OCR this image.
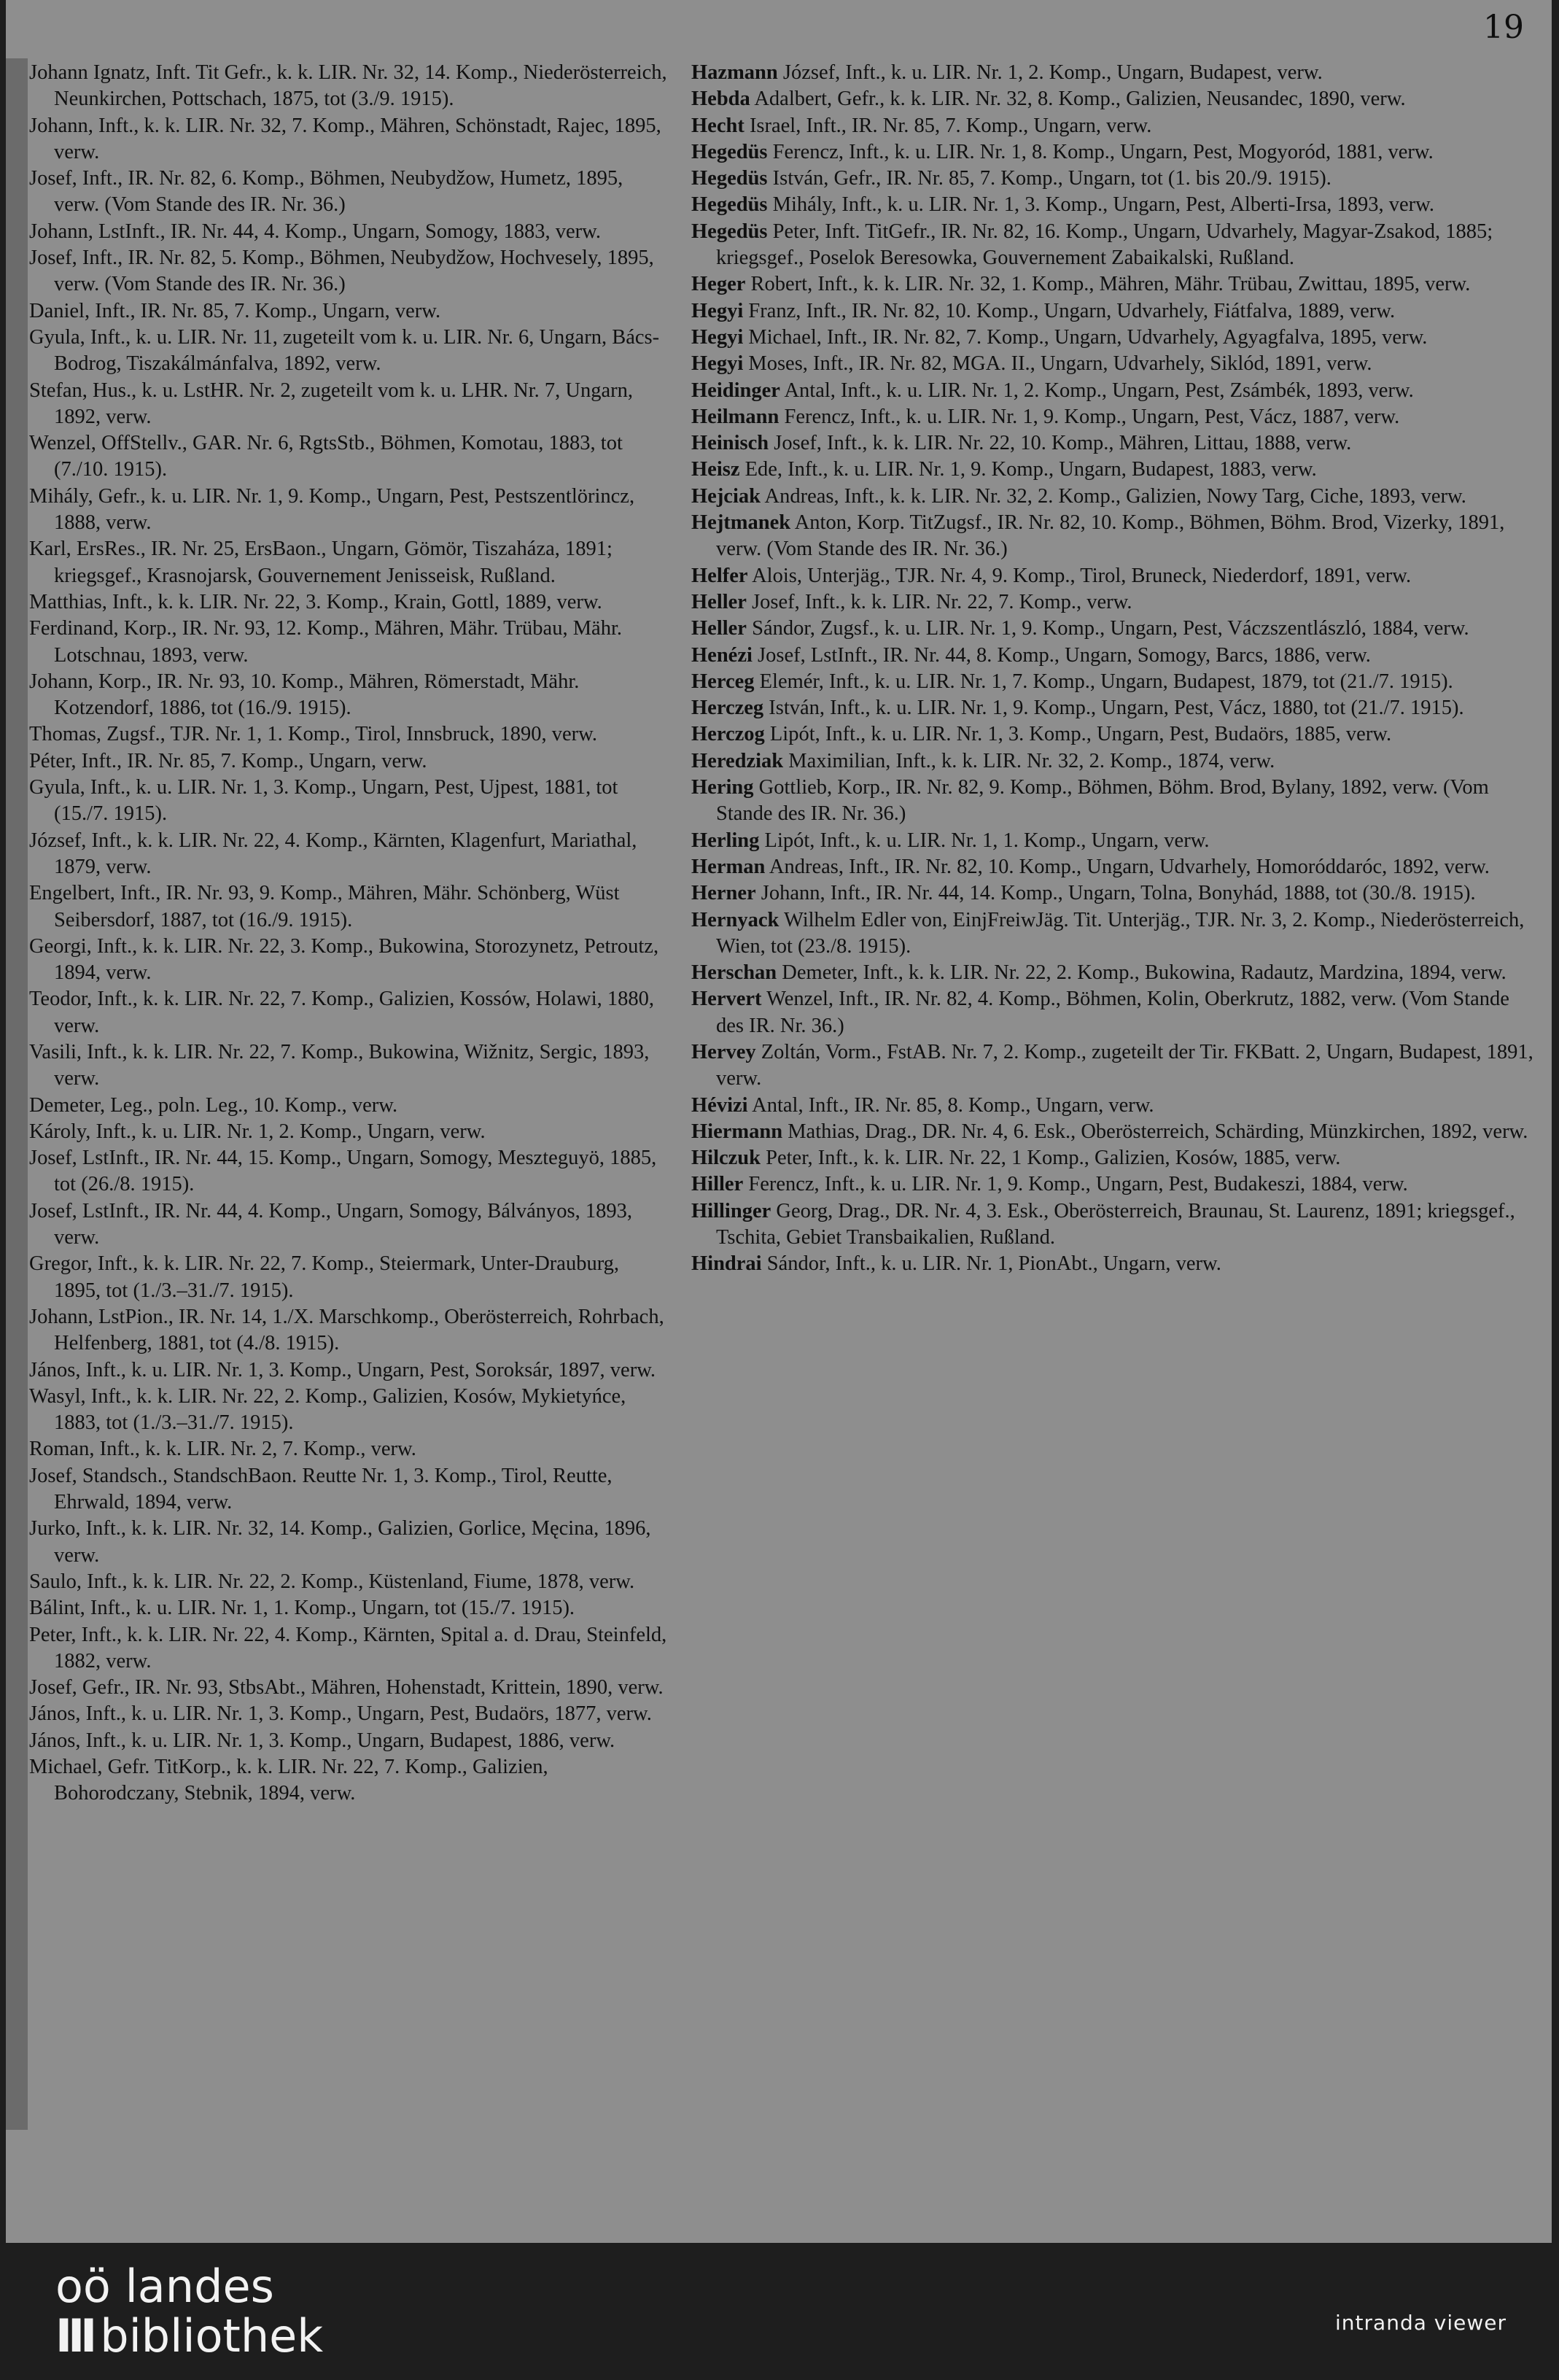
19
Johann Ignatz, Inft. Tit Gefr., k. k. LIR. Nr. 32, 14. Komp., Niederösterreich, Neunkirchen, Pottschach, 1875, tot (3./9. 1915).
Johann, Inft., k. k. LIR. Nr. 32, 7. Komp., Mähren, Schönstadt, Rajec, 1895, verw.
Josef, Inft., IR. Nr. 82, 6. Komp., Böhmen, Neubydžow, Humetz, 1895, verw. (Vom Stande des IR. Nr. 36.)
Johann, LstInft., IR. Nr. 44, 4. Komp., Ungarn, Somogy, 1883, verw.
Josef, Inft., IR. Nr. 82, 5. Komp., Böhmen, Neubydžow, Hochvesely, 1895, verw. (Vom Stande des IR. Nr. 36.)
Daniel, Inft., IR. Nr. 85, 7. Komp., Ungarn, verw.
Gyula, Inft., k. u. LIR. Nr. 11, zugeteilt vom k. u. LIR. Nr. 6, Ungarn, Bács-Bodrog, Tiszakálmánfalva, 1892, verw.
Stefan, Hus., k. u. LstHR. Nr. 2, zugeteilt vom k. u. LHR. Nr. 7, Ungarn, 1892, verw.
Wenzel, OffStellv., GAR. Nr. 6, RgtsStb., Böhmen, Komotau, 1883, tot (7./10. 1915).
Mihály, Gefr., k. u. LIR. Nr. 1, 9. Komp., Ungarn, Pest, Pestszentlörincz, 1888, verw.
Karl, ErsRes., IR. Nr. 25, ErsBaon., Ungarn, Gömör, Tiszaháza, 1891; kriegsgef., Krasnojarsk, Gouvernement Jenisseisk, Rußland.
Matthias, Inft., k. k. LIR. Nr. 22, 3. Komp., Krain, Gottl, 1889, verw.
Ferdinand, Korp., IR. Nr. 93, 12. Komp., Mähren, Mähr. Trübau, Mähr. Lotschnau, 1893, verw.
Johann, Korp., IR. Nr. 93, 10. Komp., Mähren, Römerstadt, Mähr. Kotzendorf, 1886, tot (16./9. 1915).
Thomas, Zugsf., TJR. Nr. 1, 1. Komp., Tirol, Innsbruck, 1890, verw.
Péter, Inft., IR. Nr. 85, 7. Komp., Ungarn, verw.
Gyula, Inft., k. u. LIR. Nr. 1, 3. Komp., Ungarn, Pest, Ujpest, 1881, tot (15./7. 1915).
József, Inft., k. k. LIR. Nr. 22, 4. Komp., Kärnten, Klagenfurt, Mariathal, 1879, verw.
Engelbert, Inft., IR. Nr. 93, 9. Komp., Mähren, Mähr. Schönberg, Wüst Seibersdorf, 1887, tot (16./9. 1915).
Georgi, Inft., k. k. LIR. Nr. 22, 3. Komp., Bukowina, Storozynetz, Petroutz, 1894, verw.
Teodor, Inft., k. k. LIR. Nr. 22, 7. Komp., Galizien, Kossów, Holawi, 1880, verw.
Vasili, Inft., k. k. LIR. Nr. 22, 7. Komp., Bukowina, Wižnitz, Sergic, 1893, verw.
Demeter, Leg., poln. Leg., 10. Komp., verw.
Károly, Inft., k. u. LIR. Nr. 1, 2. Komp., Ungarn, verw.
Josef, LstInft., IR. Nr. 44, 15. Komp., Ungarn, Somogy, Meszteguyö, 1885, tot (26./8. 1915).
Josef, LstInft., IR. Nr. 44, 4. Komp., Ungarn, Somogy, Bálványos, 1893, verw.
Gregor, Inft., k. k. LIR. Nr. 22, 7. Komp., Steiermark, Unter-Drauburg, 1895, tot (1./3.–31./7. 1915).
Johann, LstPion., IR. Nr. 14, 1./X. Marschkomp., Oberösterreich, Rohrbach, Helfenberg, 1881, tot (4./8. 1915).
János, Inft., k. u. LIR. Nr. 1, 3. Komp., Ungarn, Pest, Soroksár, 1897, verw.
Wasyl, Inft., k. k. LIR. Nr. 22, 2. Komp., Galizien, Kosów, Mykietyńce, 1883, tot (1./3.–31./7. 1915).
Roman, Inft., k. k. LIR. Nr. 2, 7. Komp., verw.
Josef, Standsch., StandschBaon. Reutte Nr. 1, 3. Komp., Tirol, Reutte, Ehrwald, 1894, verw.
Jurko, Inft., k. k. LIR. Nr. 32, 14. Komp., Galizien, Gorlice, Męcina, 1896, verw.
Saulo, Inft., k. k. LIR. Nr. 22, 2. Komp., Küstenland, Fiume, 1878, verw.
Bálint, Inft., k. u. LIR. Nr. 1, 1. Komp., Ungarn, tot (15./7. 1915).
Peter, Inft., k. k. LIR. Nr. 22, 4. Komp., Kärnten, Spital a. d. Drau, Steinfeld, 1882, verw.
Josef, Gefr., IR. Nr. 93, StbsAbt., Mähren, Hohenstadt, Krittein, 1890, verw.
János, Inft., k. u. LIR. Nr. 1, 3. Komp., Ungarn, Pest, Budaörs, 1877, verw.
János, Inft., k. u. LIR. Nr. 1, 3. Komp., Ungarn, Budapest, 1886, verw.
Michael, Gefr. TitKorp., k. k. LIR. Nr. 22, 7. Komp., Galizien, Bohorodczany, Stebnik, 1894, verw.
Hazmann József, Inft., k. u. LIR. Nr. 1, 2. Komp., Ungarn, Budapest, verw.
Hebda Adalbert, Gefr., k. k. LIR. Nr. 32, 8. Komp., Galizien, Neusandec, 1890, verw.
Hecht Israel, Inft., IR. Nr. 85, 7. Komp., Ungarn, verw.
Hegedüs Ferencz, Inft., k. u. LIR. Nr. 1, 8. Komp., Ungarn, Pest, Mogyoród, 1881, verw.
Hegedüs István, Gefr., IR. Nr. 85, 7. Komp., Ungarn, tot (1. bis 20./9. 1915).
Hegedüs Mihály, Inft., k. u. LIR. Nr. 1, 3. Komp., Ungarn, Pest, Alberti-Irsa, 1893, verw.
Hegedüs Peter, Inft. TitGefr., IR. Nr. 82, 16. Komp., Ungarn, Udvarhely, Magyar-Zsakod, 1885; kriegsgef., Poselok Beresowka, Gouvernement Zabaikalski, Rußland.
Heger Robert, Inft., k. k. LIR. Nr. 32, 1. Komp., Mähren, Mähr. Trübau, Zwittau, 1895, verw.
Hegyi Franz, Inft., IR. Nr. 82, 10. Komp., Ungarn, Udvarhely, Fiátfalva, 1889, verw.
Hegyi Michael, Inft., IR. Nr. 82, 7. Komp., Ungarn, Udvarhely, Agyagfalva, 1895, verw.
Hegyi Moses, Inft., IR. Nr. 82, MGA. II., Ungarn, Udvarhely, Siklód, 1891, verw.
Heidinger Antal, Inft., k. u. LIR. Nr. 1, 2. Komp., Ungarn, Pest, Zsámbék, 1893, verw.
Heilmann Ferencz, Inft., k. u. LIR. Nr. 1, 9. Komp., Ungarn, Pest, Vácz, 1887, verw.
Heinisch Josef, Inft., k. k. LIR. Nr. 22, 10. Komp., Mähren, Littau, 1888, verw.
Heisz Ede, Inft., k. u. LIR. Nr. 1, 9. Komp., Ungarn, Budapest, 1883, verw.
Hejciak Andreas, Inft., k. k. LIR. Nr. 32, 2. Komp., Galizien, Nowy Targ, Ciche, 1893, verw.
Hejtmanek Anton, Korp. TitZugsf., IR. Nr. 82, 10. Komp., Böhmen, Böhm. Brod, Vizerky, 1891, verw. (Vom Stande des IR. Nr. 36.)
Helfer Alois, Unterjäg., TJR. Nr. 4, 9. Komp., Tirol, Bruneck, Niederdorf, 1891, verw.
Heller Josef, Inft., k. k. LIR. Nr. 22, 7. Komp., verw.
Heller Sándor, Zugsf., k. u. LIR. Nr. 1, 9. Komp., Ungarn, Pest, Váczszentlászló, 1884, verw.
Henézi Josef, LstInft., IR. Nr. 44, 8. Komp., Ungarn, Somogy, Barcs, 1886, verw.
Herceg Elemér, Inft., k. u. LIR. Nr. 1, 7. Komp., Ungarn, Budapest, 1879, tot (21./7. 1915).
Herczeg István, Inft., k. u. LIR. Nr. 1, 9. Komp., Ungarn, Pest, Vácz, 1880, tot (21./7. 1915).
Herczog Lipót, Inft., k. u. LIR. Nr. 1, 3. Komp., Ungarn, Pest, Budaörs, 1885, verw.
Heredziak Maximilian, Inft., k. k. LIR. Nr. 32, 2. Komp., 1874, verw.
Hering Gottlieb, Korp., IR. Nr. 82, 9. Komp., Böhmen, Böhm. Brod, Bylany, 1892, verw. (Vom Stande des IR. Nr. 36.)
Herling Lipót, Inft., k. u. LIR. Nr. 1, 1. Komp., Ungarn, verw.
Herman Andreas, Inft., IR. Nr. 82, 10. Komp., Ungarn, Udvarhely, Homoróddaróc, 1892, verw.
Herner Johann, Inft., IR. Nr. 44, 14. Komp., Ungarn, Tolna, Bonyhád, 1888, tot (30./8. 1915).
Hernyack Wilhelm Edler von, EinjFreiwJäg. Tit. Unterjäg., TJR. Nr. 3, 2. Komp., Niederösterreich, Wien, tot (23./8. 1915).
Herschan Demeter, Inft., k. k. LIR. Nr. 22, 2. Komp., Bukowina, Radautz, Mardzina, 1894, verw.
Hervert Wenzel, Inft., IR. Nr. 82, 4. Komp., Böhmen, Kolin, Oberkrutz, 1882, verw. (Vom Stande des IR. Nr. 36.)
Hervey Zoltán, Vorm., FstAB. Nr. 7, 2. Komp., zugeteilt der Tir. FKBatt. 2, Ungarn, Budapest, 1891, verw.
Hévizi Antal, Inft., IR. Nr. 85, 8. Komp., Ungarn, verw.
Hiermann Mathias, Drag., DR. Nr. 4, 6. Esk., Oberösterreich, Schärding, Münzkirchen, 1892, verw.
Hilczuk Peter, Inft., k. k. LIR. Nr. 22, 1 Komp., Galizien, Kosów, 1885, verw.
Hiller Ferencz, Inft., k. u. LIR. Nr. 1, 9. Komp., Ungarn, Pest, Budakeszi, 1884, verw.
Hillinger Georg, Drag., DR. Nr. 4, 3. Esk., Oberösterreich, Braunau, St. Laurenz, 1891; kriegsgef., Tschita, Gebiet Transbaikalien, Rußland.
Hindrai Sándor, Inft., k. u. LIR. Nr. 1, PionAbt., Ungarn, verw.
oö landes
III bibliothek	intranda viewer
